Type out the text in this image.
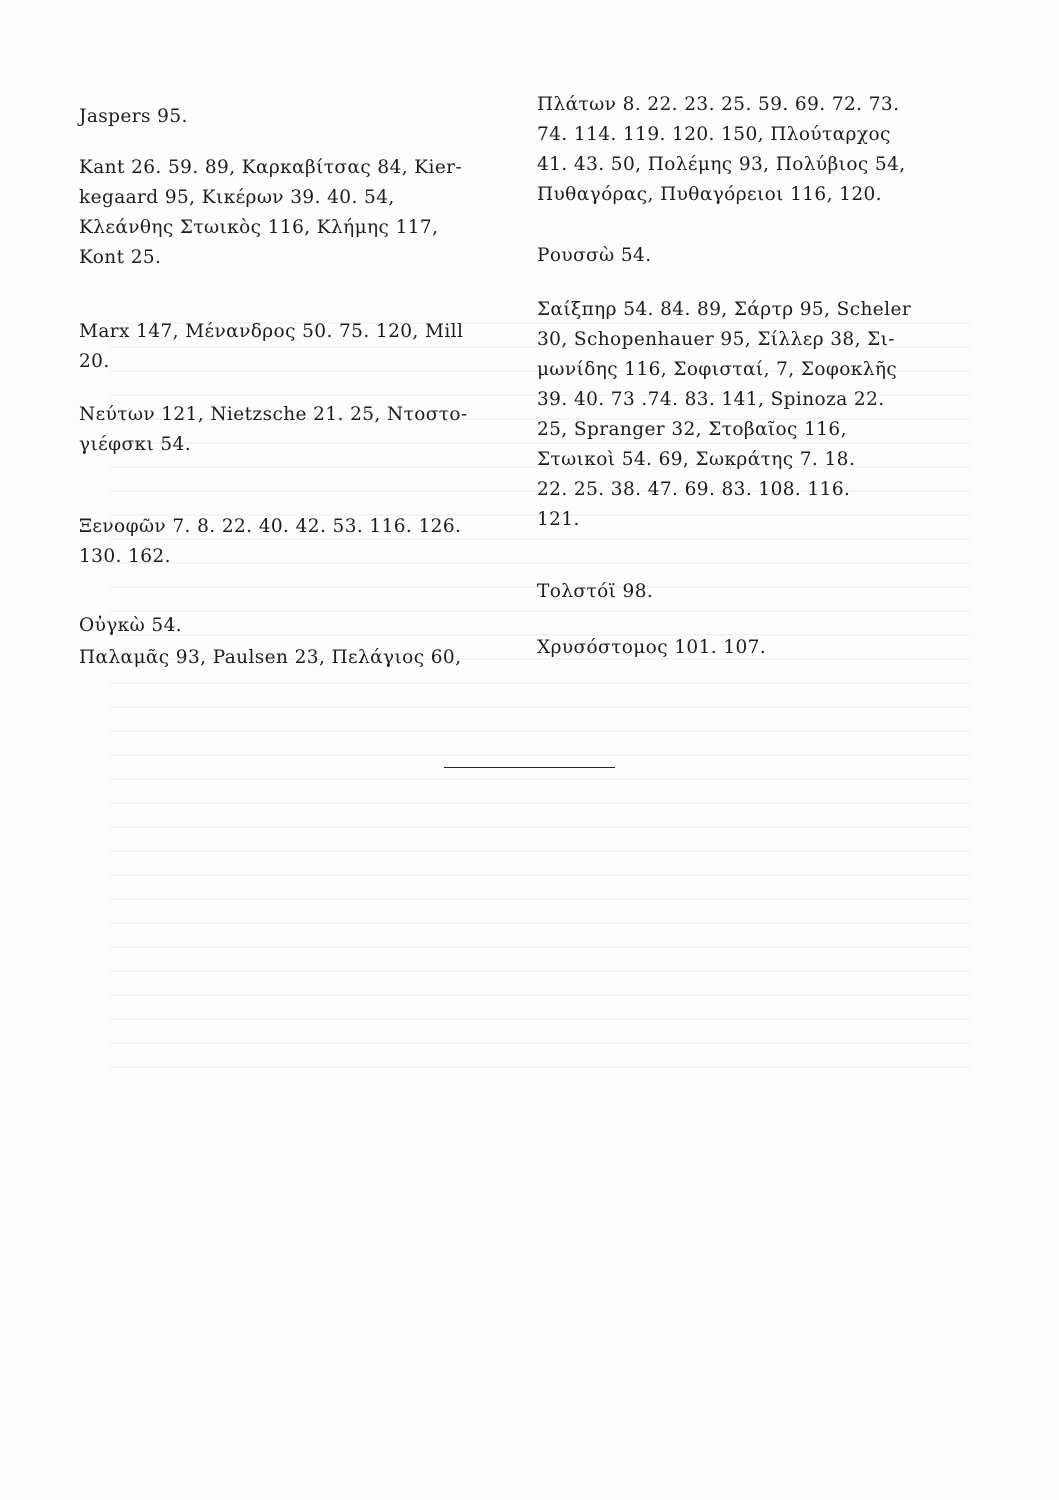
Jaspers 95.
Kant 26. 59. 89, Καρκαβίτσας 84, Kier-
kegaard 95, Κικέρων 39. 40. 54,
Κλεάνθης Στωικὸς 116, Κλήμης 117,
Kont 25.
Marx 147, Μένανδρος 50. 75. 120, Mill
20.
Νεύτων 121, Nietzsche 21. 25, Ντοστο-
γιέφσκι 54.
Ξενοφῶν 7. 8. 22. 40. 42. 53. 116. 126.
130. 162.
Οὐγκὼ 54.
Παλαμᾶς 93, Paulsen 23, Πελάγιος 60,
Πλάτων 8. 22. 23. 25. 59. 69. 72. 73.
74. 114. 119. 120. 150, Πλούταρχος
41. 43. 50, Πολέμης 93, Πολύβιος 54,
Πυθαγόρας, Πυθαγόρειοι 116, 120.
Ρουσσὼ 54.
Σαίξπηρ 54. 84. 89, Σάρτρ 95, Scheler
30, Schopenhauer 95, Σίλλερ 38, Σι-
μωνίδης 116, Σοφισταί, 7, Σοφοκλῆς
39. 40. 73 .74. 83. 141, Spinoza 22.
25, Spranger 32, Στοβαῖος 116,
Στωικοὶ 54. 69, Σωκράτης 7. 18.
22. 25. 38. 47. 69. 83. 108. 116.
121.
Τολστόϊ 98.
Χρυσόστομος 101. 107.
